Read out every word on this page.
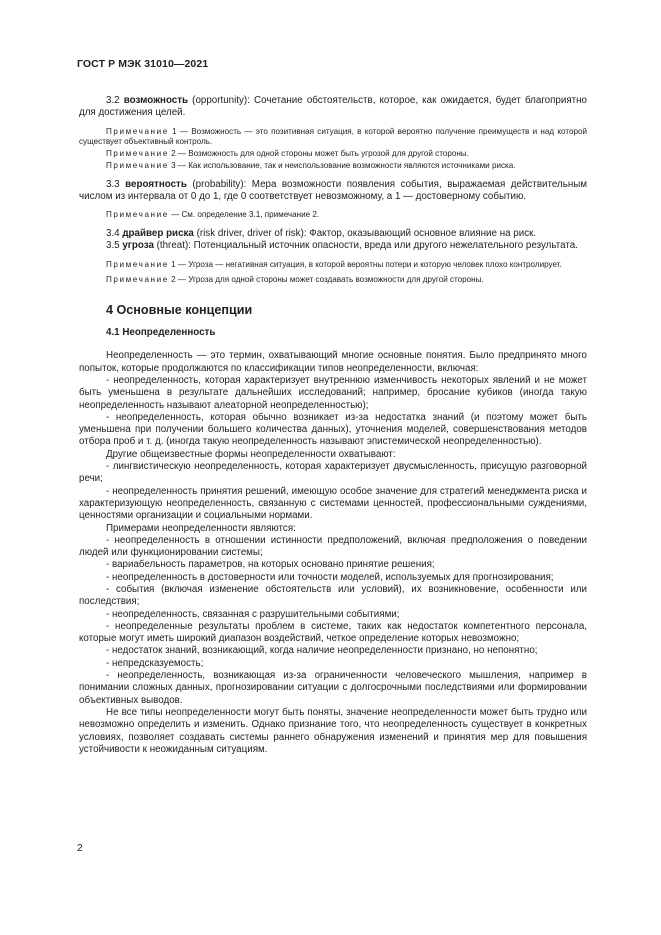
ГОСТ Р МЭК 31010—2021

3.2 возможность (opportunity): Сочетание обстоятельств, которое, как ожидается, будет благоприятно для достижения целей.

Примечание 1 — Возможность — это позитивная ситуация, в которой вероятно получение преимуществ и над которой существует объективный контроль.

Примечание 2 — Возможность для одной стороны может быть угрозой для другой стороны.

Примечание 3 — Как использование, так и неиспользование возможности являются источниками риска.

3.3 вероятность (probability): Мера возможности появления события, выражаемая действительным числом из интервала от 0 до 1, где 0 соответствует невозможному, а 1 — достоверному событию.

Примечание — См. определение 3.1, примечание 2.

3.4 драйвер риска (risk driver, driver of risk): Фактор, оказывающий основное влияние на риск.

3.5 угроза (threat): Потенциальный источник опасности, вреда или другого нежелательного результата.

Примечание 1 — Угроза — негативная ситуация, в которой вероятны потери и которую человек плохо контролирует.

Примечание 2 — Угроза для одной стороны может создавать возможности для другой стороны.

4 Основные концепции
4.1 Неопределенность

Неопределенность — это термин, охватывающий многие основные понятия. Было предпринято много попыток, которые продолжаются по классификации типов неопределенности, включая:

- неопределенность, которая характеризует внутреннюю изменчивость некоторых явлений и не может быть уменьшена в результате дальнейших исследований; например, бросание кубиков (иногда такую неопределенность называют алеаторной неопределенностью);

- неопределенность, которая обычно возникает из-за недостатка знаний (и поэтому может быть уменьшена при получении большего количества данных), уточнения моделей, совершенствования методов отбора проб и т. д. (иногда такую неопределенность называют эпистемической неопределенностью).

Другие общеизвестные формы неопределенности охватывают:

- лингвистическую неопределенность, которая характеризует двусмысленность, присущую разговорной речи;

- неопределенность принятия решений, имеющую особое значение для стратегий менеджмента риска и характеризующую неопределенность, связанную с системами ценностей, профессиональными суждениями, ценностями организации и социальными нормами.

Примерами неопределенности являются:

- неопределенность в отношении истинности предположений, включая предположения о поведении людей или функционировании системы;

- вариабельность параметров, на которых основано принятие решения;

- неопределенность в достоверности или точности моделей, используемых для прогнозирования;

- события (включая изменение обстоятельств или условий), их возникновение, особенности или последствия;

- неопределенность, связанная с разрушительными событиями;

- неопределенные результаты проблем в системе, таких как недостаток компетентного персонала, которые могут иметь широкий диапазон воздействий, четкое определение которых невозможно;

- недостаток знаний, возникающий, когда наличие неопределенности признано, но непонятно;

- непредсказуемость;

- неопределенность, возникающая из-за ограниченности человеческого мышления, например в понимании сложных данных, прогнозировании ситуации с долгосрочными последствиями или формировании объективных выводов.

Не все типы неопределенности могут быть поняты, значение неопределенности может быть трудно или невозможно определить и изменить. Однако признание того, что неопределенность существует в конкретных условиях, позволяет создавать системы раннего обнаружения изменений и принятия мер для повышения устойчивости к неожиданным ситуациям.

2
